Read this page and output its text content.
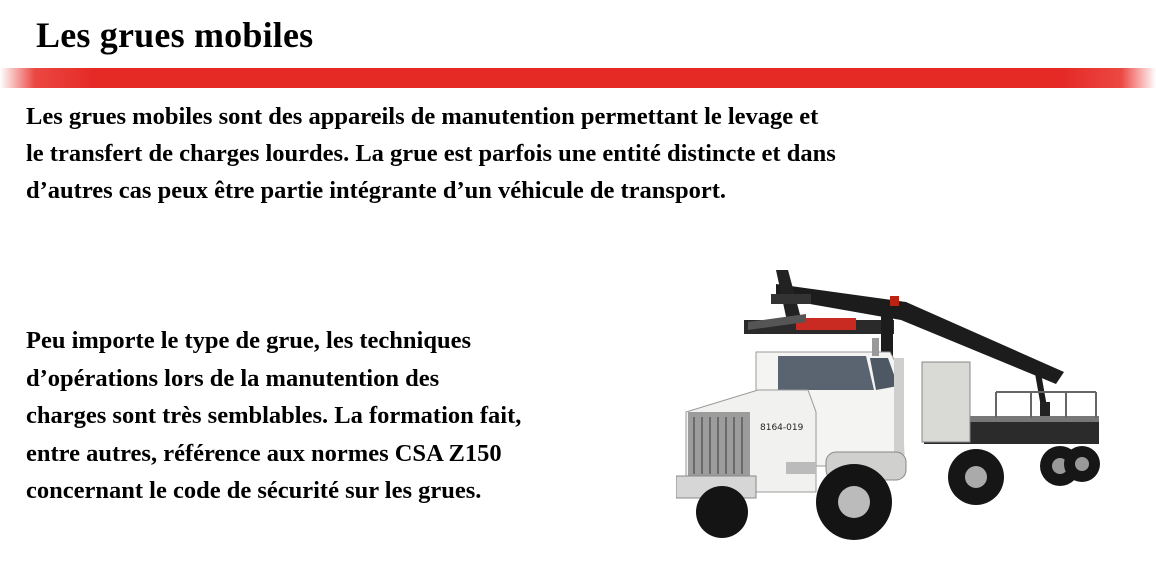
Les grues mobiles
Les grues mobiles sont des appareils de manutention permettant le levage et
le transfert de charges lourdes. La grue est parfois une entité distincte et dans
d’autres cas peux être partie intégrante d’un véhicule de transport.
Peu importe le type de grue, les techniques
d’opérations lors de la manutention des
charges sont très semblables. La formation fait,
entre autres, référence aux normes CSA Z150
concernant le code de sécurité sur les grues.
8164-019
